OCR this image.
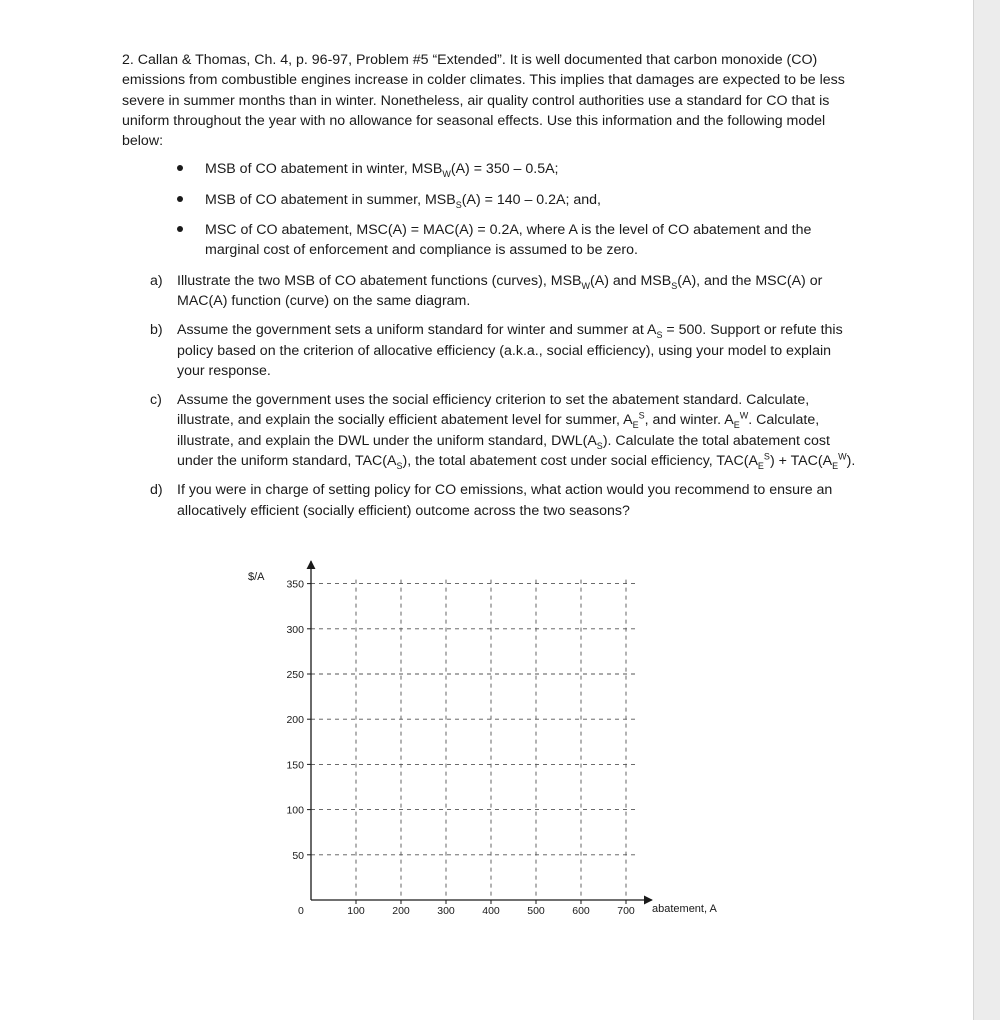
2. Callan & Thomas, Ch. 4, p. 96-97, Problem #5 “Extended”. It is well documented that carbon monoxide (CO) emissions from combustible engines increase in colder climates. This implies that damages are expected to be less severe in summer months than in winter. Nonetheless, air quality control authorities use a standard for CO that is uniform throughout the year with no allowance for seasonal effects. Use this information and the following model below:

MSB of CO abatement in winter, $MSB_W(A) = 350 - 0.5A$;
MSB of CO abatement in summer, $MSB_S(A) = 140 - 0.2A$; and,
MSC of CO abatement, MSC(A) = MAC(A) = 0.2A, where A is the level of CO abatement and the marginal cost of enforcement and compliance is assumed to be zero.
a) Illustrate the two MSB of CO abatement functions (curves), $MSB_W(A)$ and $MSB_S(A)$, and the MSC(A) or MAC(A) function (curve) on the same diagram.
b) Assume the government sets a uniform standard for winter and summer at $A_S = 500$. Support or refute this policy based on the criterion of allocative efficiency (a.k.a., social efficiency), using your model to explain your response.
c) Assume the government uses the social efficiency criterion to set the abatement standard. Calculate, illustrate, and explain the socially efficient abatement level for summer, $A_E^S$, and winter. $A_E^W$. Calculate, illustrate, and explain the DWL under the uniform standard, $DWL(A_S)$. Calculate the total abatement cost under the uniform standard, $TAC(A_S)$, the total abatement cost under social efficiency, $TAC(A_E^S) + TAC(A_E^W)$.
d) If you were in charge of setting policy for CO emissions, what action would you recommend to ensure an allocatively efficient (socially efficient) outcome across the two seasons?
350
300
250
200
150
100
50
100	200	300	400	500	600	700
$/A
abatement, A
0
